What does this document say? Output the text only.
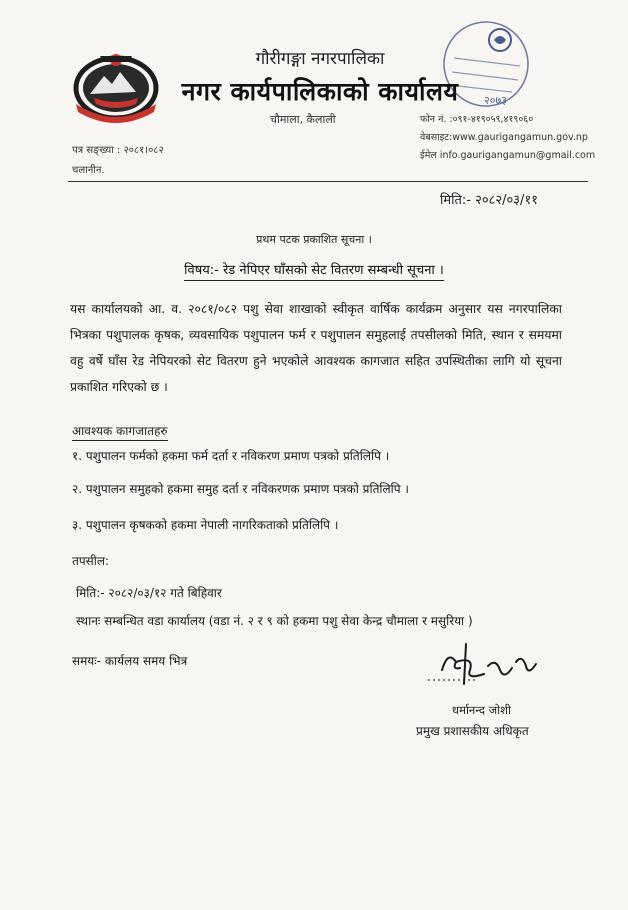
२०७३
गौरीगङ्गा नगरपालिका
नगर कार्यपालिकाको कार्यालय
चौमाला, कैलाली	फोन नं. :०९१-४१९०५९,४१९०६०
वेबसाइट:www.gaurigangamun.gov.np
ईमेल info.gaurigangamun@gmail.com
पत्र सङ्ख्या : २०८१।०८२
चलानीन.
मिति:- २०८२/०३/११
प्रथम पटक प्रकाशित सूचना ।
विषय:- रेड नेपिएर घाँसको सेट वितरण सम्बन्धी सूचना ।
यस कार्यालयको आ. व. २०८१/०८२ पशु सेवा शाखाको स्वीकृत वार्षिक कार्यक्रम अनुसार यस नगरपालिका भित्रका पशुपालक कृषक, व्यवसायिक पशुपालन फर्म र पशुपालन समुहलाई तपसीलको मिति, स्थान र समयमा वहु वर्षे घाँस रेड नेपियरको सेट वितरण हुने भएकोले आवश्यक कागजात सहित उपस्थितीका लागि यो सूचना प्रकाशित गरिएको छ ।
आवश्यक कागजातहरु
१. पशुपालन फर्मको हकमा फर्म दर्ता र नविकरण प्रमाण पत्रको प्रतिलिपि ।
२. पशुपालन समुहको हकमा समुह दर्ता र नविकरणक प्रमाण पत्रको प्रतिलिपि ।
३. पशुपालन कृषकको हकमा नेपाली नागरिकताको प्रतिलिपि ।
तपसील:
मिति:- २०८२/०३/१२ गते बिहिवार
स्थानः सम्बन्धित वडा कार्यालय (वडा नं. २ र ९ को हकमा पशु सेवा केन्द्र चौमाला र मसुरिया )
समयः- कार्यलय समय भित्र
धर्मानन्द जोशी
प्रमुख प्रशासकीय अधिकृत
